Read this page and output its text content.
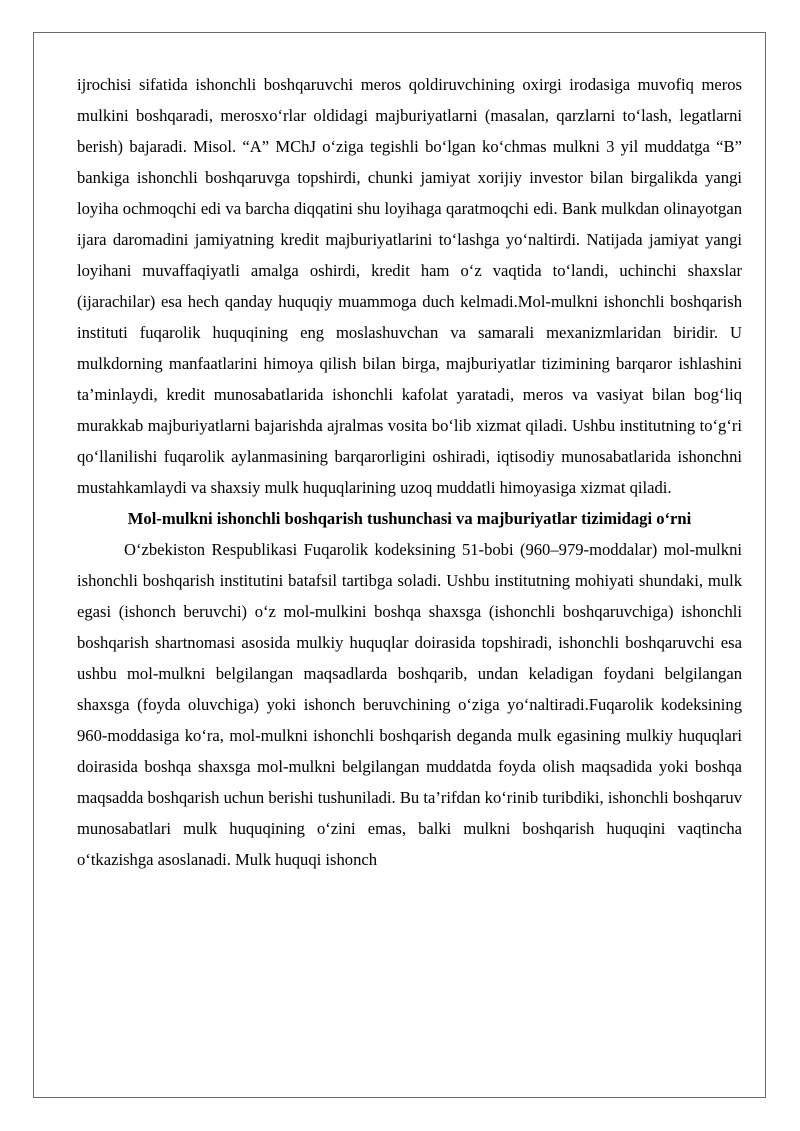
ijrochisi sifatida ishonchli boshqaruvchi meros qoldiruvchining oxirgi irodasiga muvofiq meros mulkini boshqaradi, merosxo‘rlar oldidagi majburiyatlarni (masalan, qarzlarni to‘lash, legatlarni berish) bajaradi. Misol. “A” MChJ o‘ziga tegishli bo‘lgan ko‘chmas mulkni 3 yil muddatga “B” bankiga ishonchli boshqaruvga topshirdi, chunki jamiyat xorijiy investor bilan birgalikda yangi loyiha ochmoqchi edi va barcha diqqatini shu loyihaga qaratmoqchi edi. Bank mulkdan olinayotgan ijara daromadini jamiyatning kredit majburiyatlarini to‘lashga yo‘naltirdi. Natijada jamiyat yangi loyihani muvaffaqiyatli amalga oshirdi, kredit ham o‘z vaqtida to‘landi, uchinchi shaxslar (ijarachilar) esa hech qanday huquqiy muammoga duch kelmadi.Mol-mulkni ishonchli boshqarish instituti fuqarolik huquqining eng moslashuvchan va samarali mexanizmlaridan biridir. U mulkdorning manfaatlarini himoya qilish bilan birga, majburiyatlar tizimining barqaror ishlashini ta’minlaydi, kredit munosabatlarida ishonchli kafolat yaratadi, meros va vasiyat bilan bog‘liq murakkab majburiyatlarni bajarishda ajralmas vosita bo‘lib xizmat qiladi. Ushbu institutning to‘g‘ri qo‘llanilishi fuqarolik aylanmasining barqarorligini oshiradi, iqtisodiy munosabatlarida ishonchni mustahkamlaydi va shaxsiy mulk huquqlarining uzoq muddatli himoyasiga xizmat qiladi.

Mol-mulkni ishonchli boshqarish tushunchasi va majburiyatlar tizimidagi o‘rni

O‘zbekiston Respublikasi Fuqarolik kodeksining 51-bobi (960–979-moddalar) mol-mulkni ishonchli boshqarish institutini batafsil tartibga soladi. Ushbu institutning mohiyati shundaki, mulk egasi (ishonch beruvchi) o‘z mol-mulkini boshqa shaxsga (ishonchli boshqaruvchiga) ishonchli boshqarish shartnomasi asosida mulkiy huquqlar doirasida topshiradi, ishonchli boshqaruvchi esa ushbu mol-mulkni belgilangan maqsadlarda boshqarib, undan keladigan foydani belgilangan shaxsga (foyda oluvchiga) yoki ishonch beruvchining o‘ziga yo‘naltiradi.Fuqarolik kodeksining 960-moddasiga ko‘ra, mol-mulkni ishonchli boshqarish deganda mulk egasining mulkiy huquqlari doirasida boshqa shaxsga mol-mulkni belgilangan muddatda foyda olish maqsadida yoki boshqa maqsadda boshqarish uchun berishi tushuniladi. Bu ta’rifdan ko‘rinib turibdiki, ishonchli boshqaruv munosabatlari mulk huquqining o‘zini emas, balki mulkni boshqarish huquqini vaqtincha o‘tkazishga asoslanadi. Mulk huquqi ishonch
